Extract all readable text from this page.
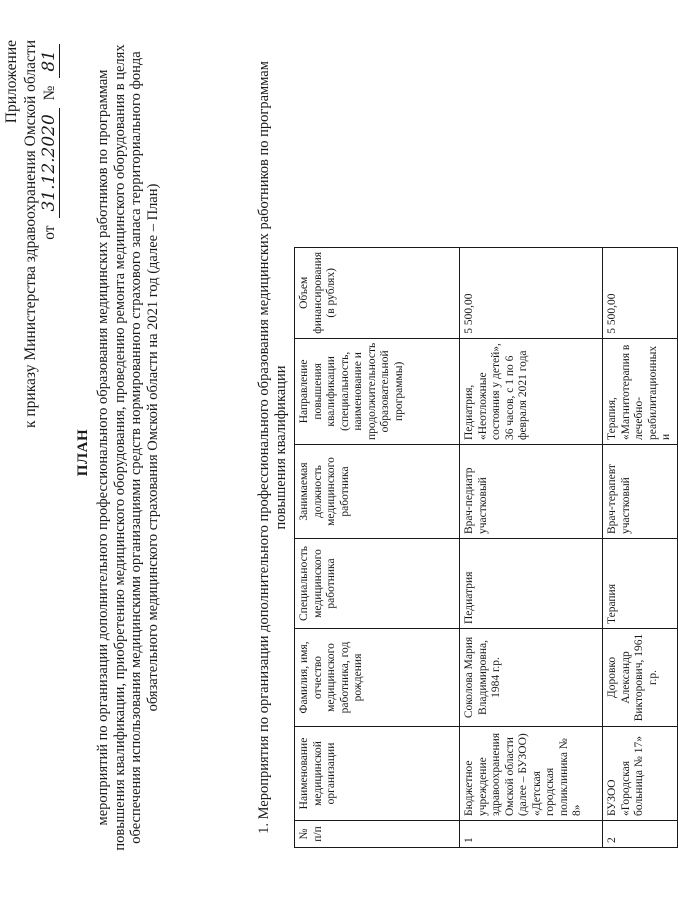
Приложение к приказу Министерства здравоохранения Омской области от 31.12.2020 № 81
ПЛАН мероприятий по организации дополнительного профессионального образования медицинских работников по программам повышения квалификации, приобретению медицинского оборудования, проведению ремонта медицинского оборудования в целях обеспечения использования медицинскими организациями средств нормированного страхового запаса территориального фонда обязательного медицинского страхования Омской области на 2021 год (далее – План)	1. Мероприятия по организации дополнительного профессионального образования медицинских работников по программам повышения квалификации
№ п/п	Наименование медицинской организации	Фамилия, имя, отчество медицинского работника, год рождения	Специальность медицинского работника	Занимаемая должность медицинского работника	Направление повышения квалификации (специальность, наименование и продолжительность образовательной программы)	Объем финансирования (в рублях)
1	Бюджетное учреждение здравоохранения Омской области (далее – БУЗОО) «Детская городская поликлиника № 8»	Соколова Мария Владимировна, 1984 г.р.	Педиатрия	Врач-педиатр участковый	Педиатрия, «Неотложные состояния у детей», 36 часов, с 1 по 6 февраля 2021 года	5 500,00
2	БУЗОО «Городская больница № 17»	Доровко Александр Викторович, 1961 г.р.	Терапия	Врач-терапевт участковый	Терапия, «Магнитотерапия в лечебно-реабилитационных и	5 500,00
